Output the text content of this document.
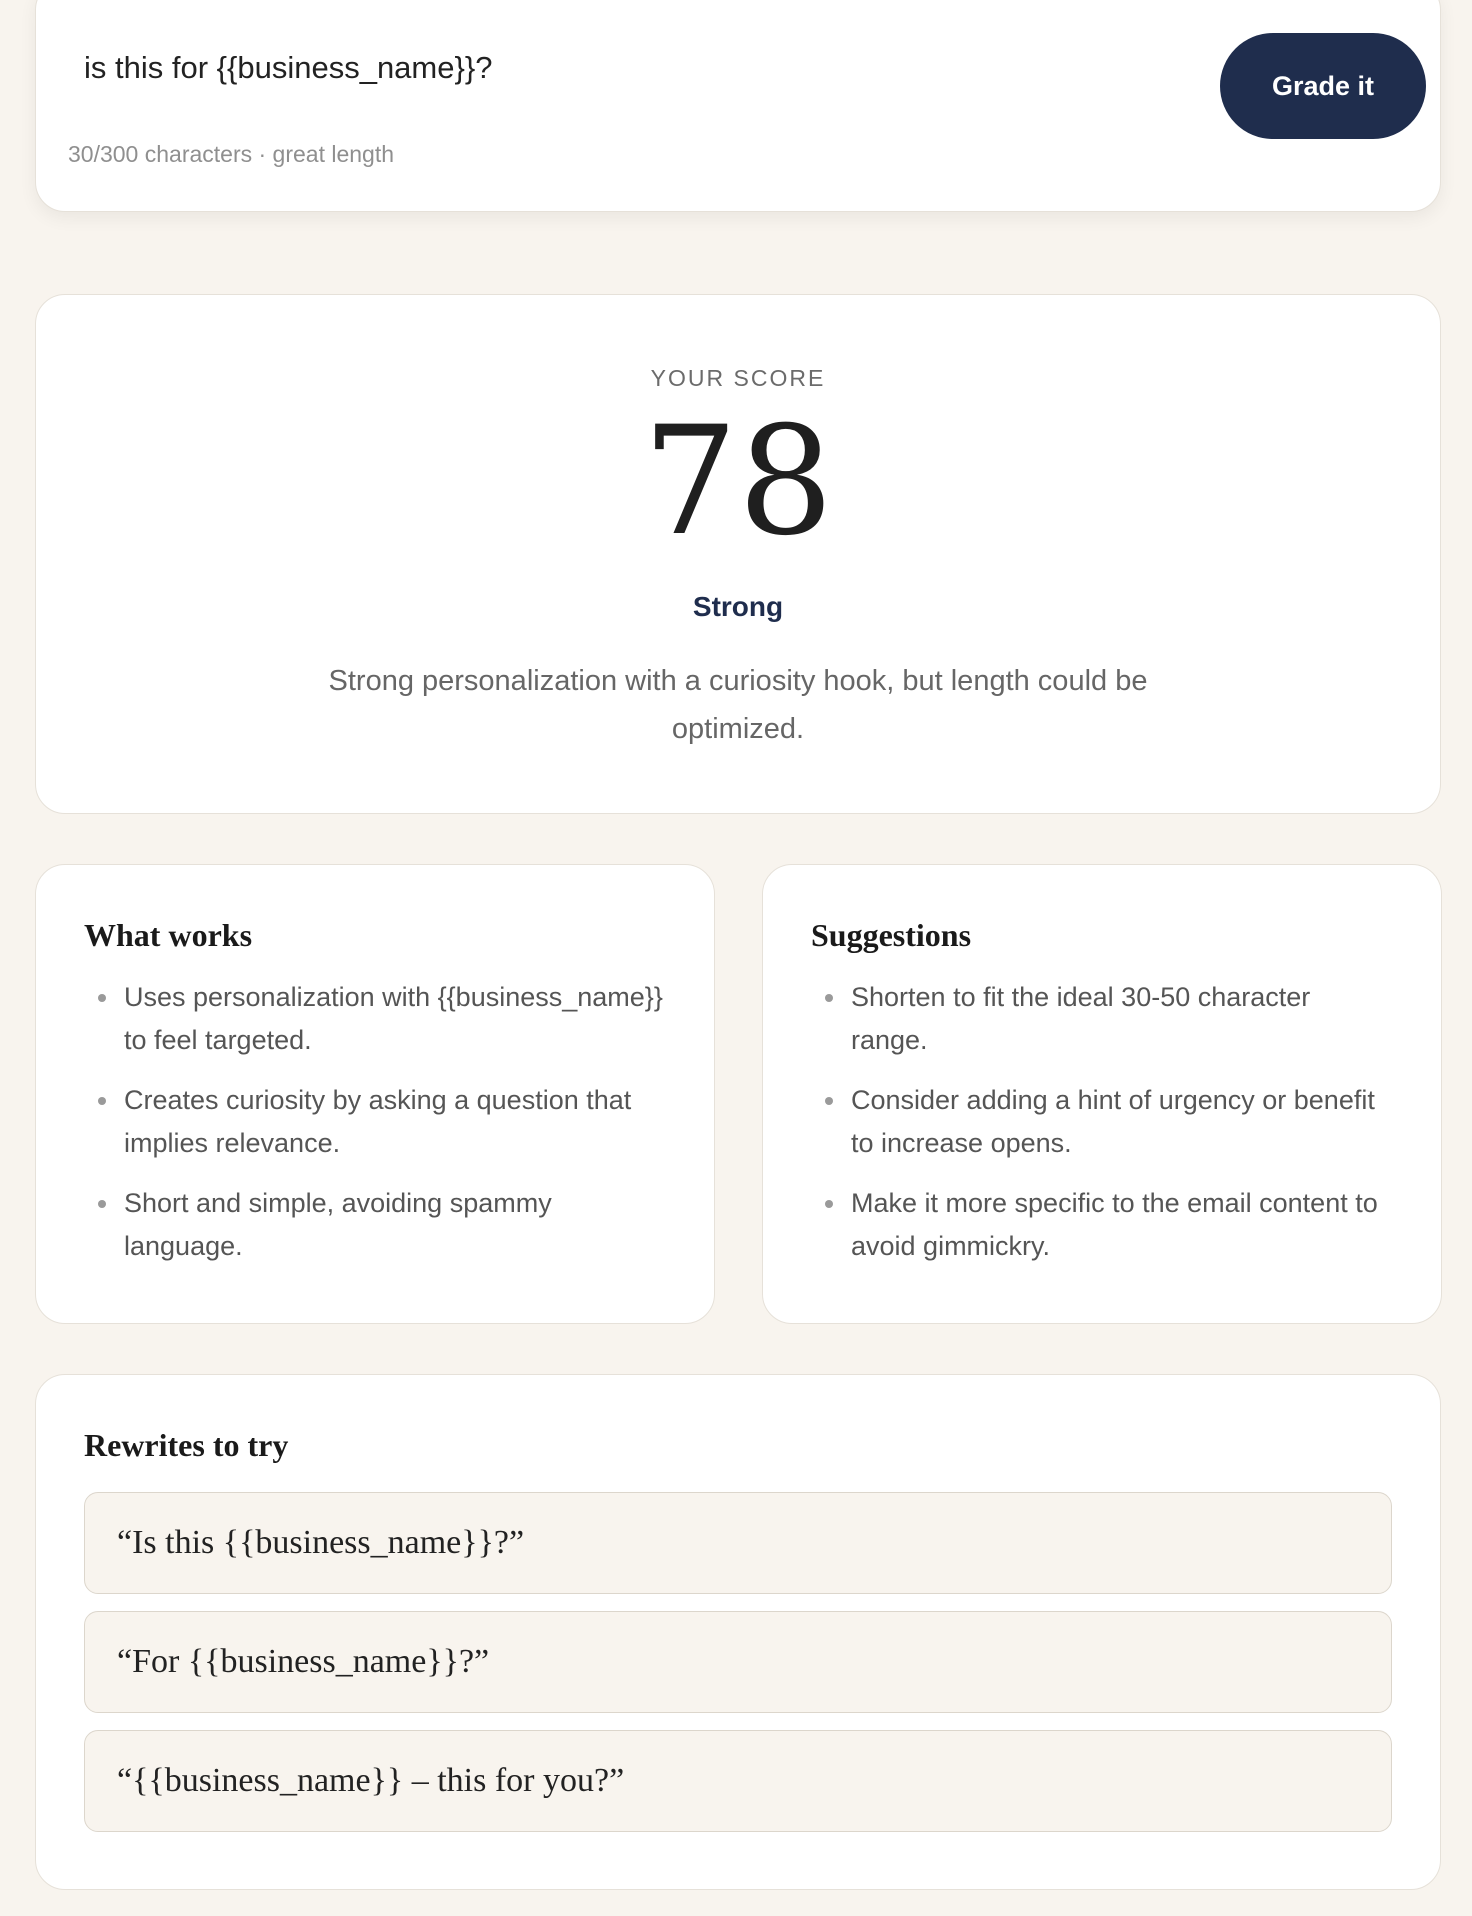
is this for {{business_name}}?
Grade it
30/300 characters · great length
YOUR SCORE
78
Strong
Strong personalization with a curiosity hook, but length could be optimized.
What works
Uses personalization with {{business_name}} to feel targeted.
Creates curiosity by asking a question that implies relevance.
Short and simple, avoiding spammy language.
Suggestions
Shorten to fit the ideal 30-50 character range.
Consider adding a hint of urgency or benefit to increase opens.
Make it more specific to the email content to avoid gimmickry.
Rewrites to try
“Is this {{business_name}}?”
“For {{business_name}}?”
“{{business_name}} – this for you?”
